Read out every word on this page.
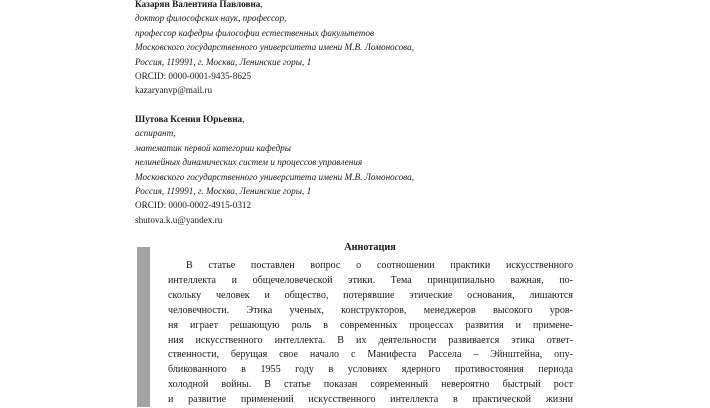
Казарян Валентина Павловна,
доктор философских наук, профессор,
профессор кафедры философии естественных факультетов
Московского государственного университета имени М.В. Ломоносова,
Россия, 119991, г. Москва, Ленинские горы, 1
ORCID: 0000-0001-9435-8625
kazaryanvp@mail.ru
Шутова Ксения Юрьевна,
аспирант,
математик первой категории кафедры
нелинейных динамических систем и процессов управления
Московского государственного университета имени М.В. Ломоносова,
Россия, 119991, г. Москва, Ленинские горы, 1
ORCID: 0000-0002-4915-0312
shutova.k.u@yandex.ru
Аннотация
В статье поставлен вопрос о соотношении практики искусственного
интеллекта и общечеловеческой этики. Тема принципиально важная, по-
скольку человек и общество, потерявшие этические основания, лишаются
человечности. Этика ученых, конструкторов, менеджеров высокого уров-
ня играет решающую роль в современных процессах развития и примене-
ния искусственного интеллекта. В их деятельности развивается этика ответ-
ственности, берущая свое начало с Манифеста Рассела – Эйнштейна, опу-
бликованного в 1955 году в условиях ядерного противостояния периода
холодной войны. В статье показан современный невероятно быстрый рост
и развитие применений искусственного интеллекта в практической жизни
